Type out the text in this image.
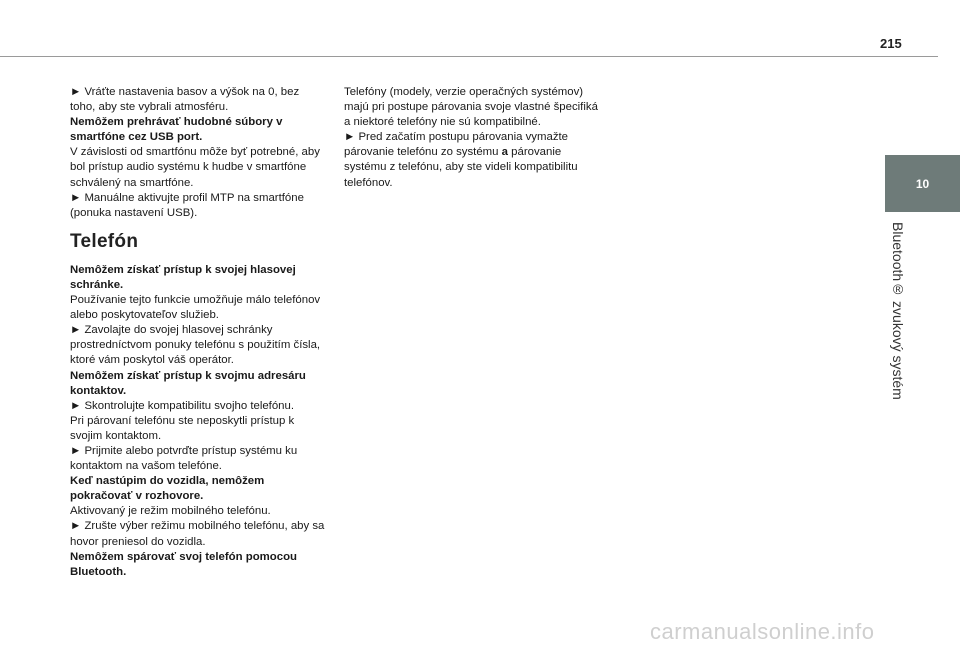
215
10
Bluetooth® zvukový systém

► Vráťte nastavenia basov a výšok na 0, bez toho, aby ste vybrali atmosféru.

Nemôžem prehrávať hudobné súbory v smartfóne cez USB port.

V závislosti od smartfónu môže byť potrebné, aby bol prístup audio systému k hudbe v smartfóne schválený na smartfóne.

► Manuálne aktivujte profil MTP na smartfóne (ponuka nastavení USB).

Telefón

Nemôžem získať prístup k svojej hlasovej schránke.

Používanie tejto funkcie umožňuje málo telefónov alebo poskytovateľov služieb.

► Zavolajte do svojej hlasovej schránky prostredníctvom ponuky telefónu s použitím čísla, ktoré vám poskytol váš operátor.

Nemôžem získať prístup k svojmu adresáru kontaktov.

► Skontrolujte kompatibilitu svojho telefónu.

Pri párovaní telefónu ste neposkytli prístup k svojim kontaktom.

► Prijmite alebo potvrďte prístup systému ku kontaktom na vašom telefóne.

Keď nastúpim do vozidla, nemôžem pokračovať v rozhovore.

Aktivovaný je režim mobilného telefónu.

► Zrušte výber režimu mobilného telefónu, aby sa hovor preniesol do vozidla.

Nemôžem spárovať svoj telefón pomocou Bluetooth.

Telefóny (modely, verzie operačných systémov) majú pri postupe párovania svoje vlastné špecifiká a niektoré telefóny nie sú kompatibilné.

► Pred začatím postupu párovania vymažte párovanie telefónu zo systému a párovanie systému z telefónu, aby ste videli kompatibilitu telefónov.

carmanualsonline.info
